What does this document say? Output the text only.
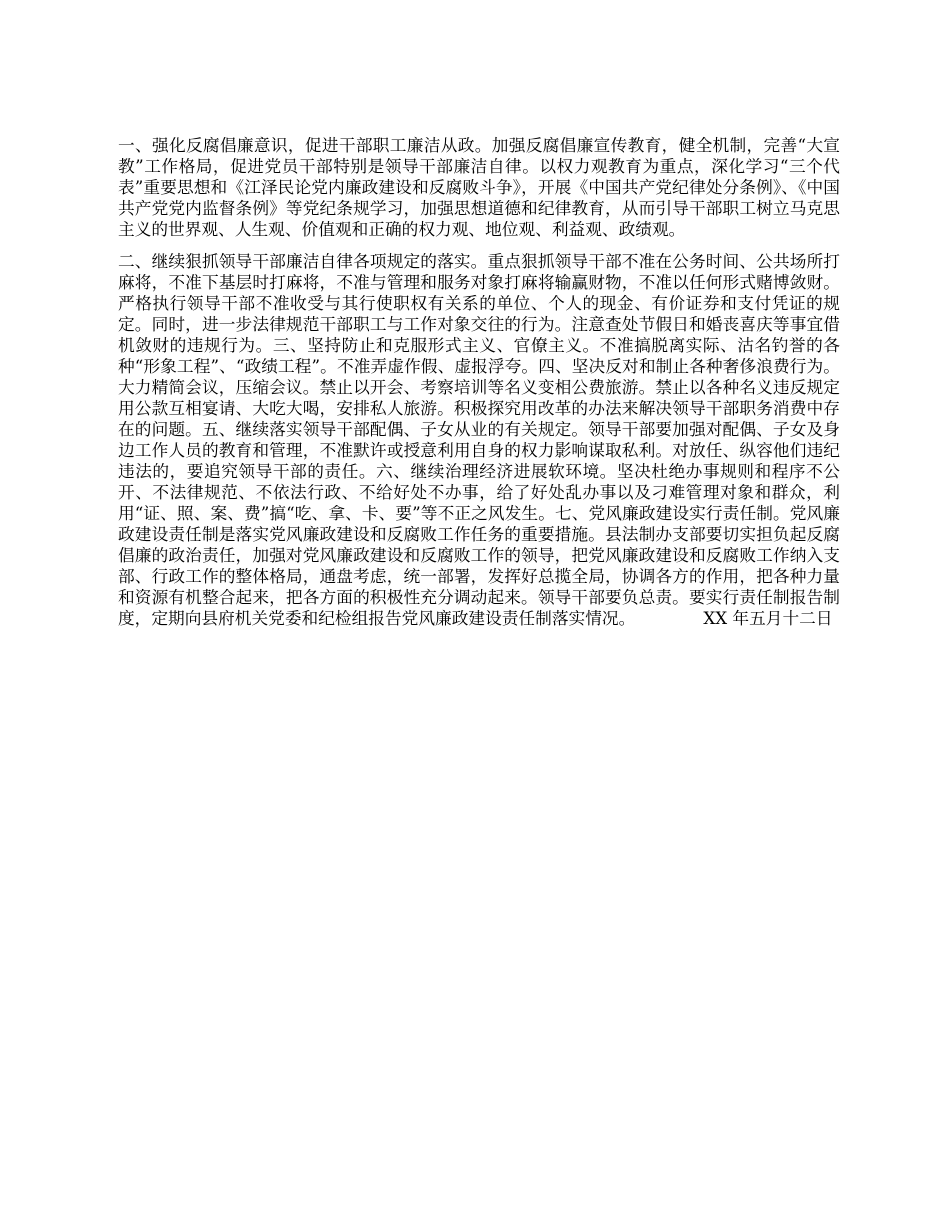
一、强化反腐倡廉意识，促进干部职工廉洁从政。加强反腐倡廉宣传教育，健全机制，完善“大宣教”工作格局，促进党员干部特别是领导干部廉洁自律。以权力观教育为重点，深化学习“三个代表”重要思想和《江泽民论党内廉政建设和反腐败斗争》，开展《中国共产党纪律处分条例》、《中国共产党党内监督条例》等党纪条规学习，加强思想道德和纪律教育，从而引导干部职工树立马克思主义的世界观、人生观、价值观和正确的权力观、地位观、利益观、政绩观。

二、继续狠抓领导干部廉洁自律各项规定的落实。重点狠抓领导干部不准在公务时间、公共场所打麻将，不准下基层时打麻将，不准与管理和服务对象打麻将输赢财物，不准以任何形式赌博敛财。严格执行领导干部不准收受与其行使职权有关系的单位、个人的现金、有价证券和支付凭证的规定。同时，进一步法律规范干部职工与工作对象交往的行为。注意查处节假日和婚丧喜庆等事宜借机敛财的违规行为。三、坚持防止和克服形式主义、官僚主义。不准搞脱离实际、沽名钓誉的各种“形象工程”、“政绩工程”。不准弄虚作假、虚报浮夸。四、坚决反对和制止各种奢侈浪费行为。大力精简会议，压缩会议。禁止以开会、考察培训等名义变相公费旅游。禁止以各种名义违反规定用公款互相宴请、大吃大喝，安排私人旅游。积极探究用改革的办法来解决领导干部职务消费中存在的问题。五、继续落实领导干部配偶、子女从业的有关规定。领导干部要加强对配偶、子女及身边工作人员的教育和管理，不准默许或授意利用自身的权力影响谋取私利。对放任、纵容他们违纪违法的，要追究领导干部的责任。六、继续治理经济进展软环境。坚决杜绝办事规则和程序不公开、不法律规范、不依法行政、不给好处不办事，给了好处乱办事以及刁难管理对象和群众，利用“证、照、案、费”搞“吃、拿、卡、要”等不正之风发生。七、党风廉政建设实行责任制。党风廉政建设责任制是落实党风廉政建设和反腐败工作任务的重要措施。县法制办支部要切实担负起反腐倡廉的政治责任，加强对党风廉政建设和反腐败工作的领导，把党风廉政建设和反腐败工作纳入支部、行政工作的整体格局，通盘考虑，统一部署，发挥好总揽全局，协调各方的作用，把各种力量和资源有机整合起来，把各方面的积极性充分调动起来。领导干部要负总责。要实行责任制报告制度，定期向县府机关党委和纪检组报告党风廉政建设责任制落实情况。	XX 年五月十二日
